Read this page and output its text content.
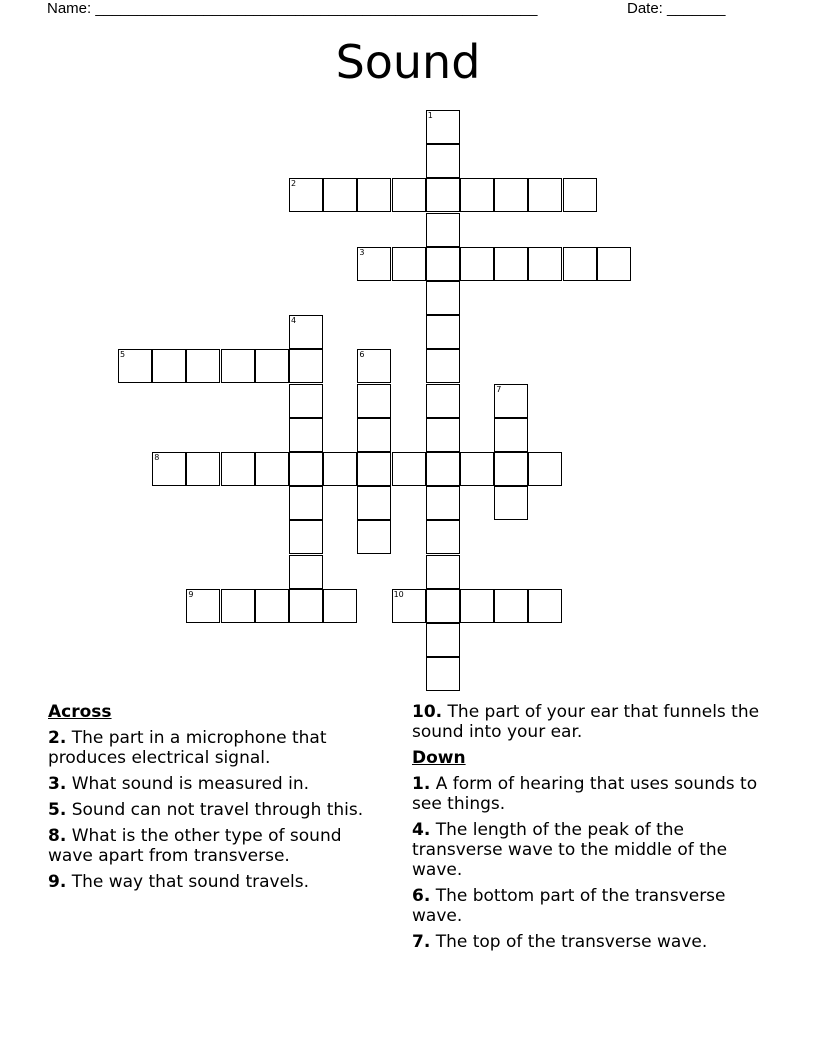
Name: _____________________________________________________	Date: _______
Sound
1
2
3
4
5	6
7
8
9	10
Across
2. The part in a microphone that produces electrical signal.
3. What sound is measured in.
5. Sound can not travel through this.
8. What is the other type of sound wave apart from transverse.
9. The way that sound travels.
10. The part of your ear that funnels the sound into your ear.
Down
1. A form of hearing that uses sounds to see things.
4. The length of the peak of the transverse wave to the middle of the wave.
6. The bottom part of the transverse wave.
7. The top of the transverse wave.
